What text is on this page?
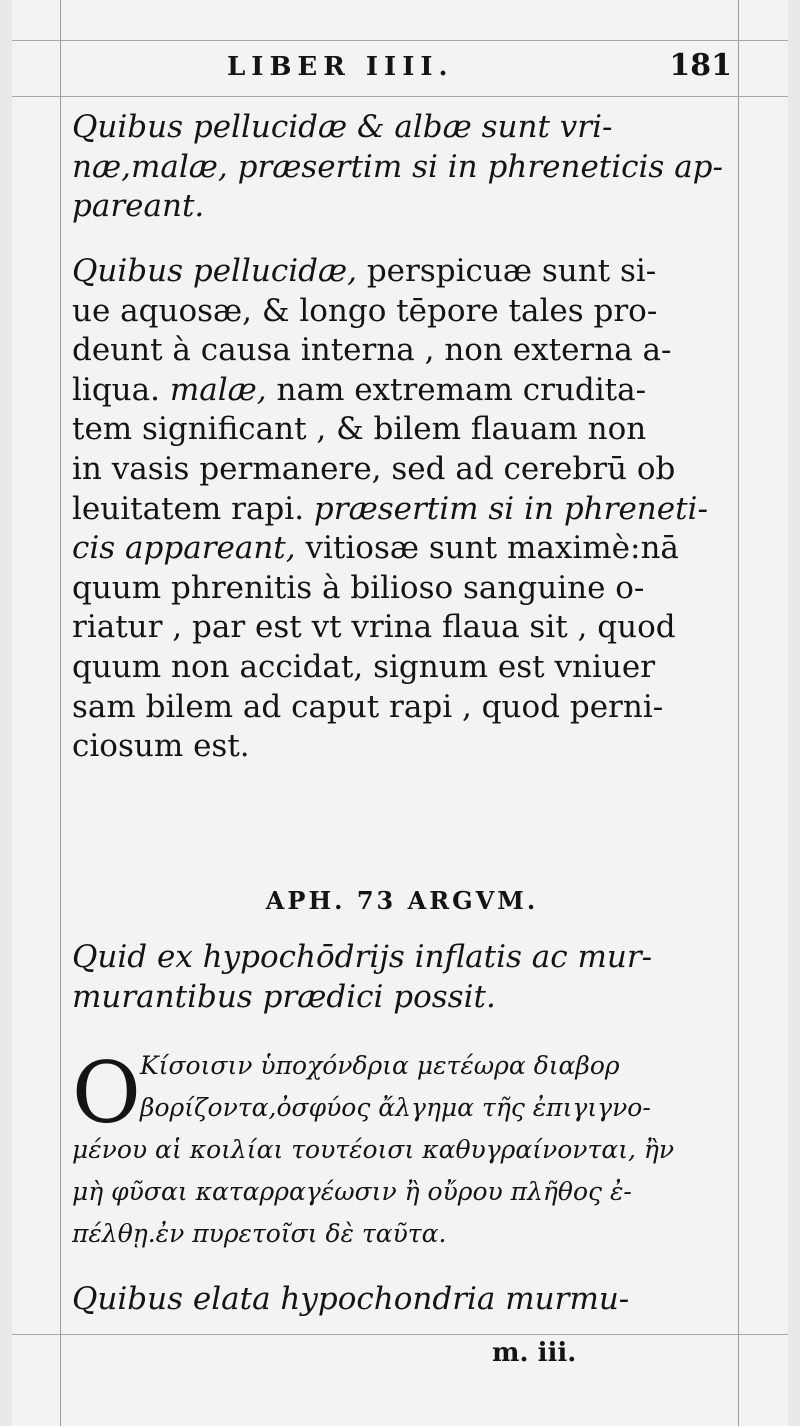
LIBER IIII.	181
Quibus pellucidæ & albæ sunt vri-
næ,malæ, præsertim si in phreneticis ap-
pareant.
Quibus pellucidæ, perspicuæ sunt si-
ue aquosæ, & longo tēpore tales pro-
deunt à causa interna , non externa a-
liqua. malæ, nam extremam crudita-
tem significant , & bilem flauam non
in vasis permanere, sed ad cerebrū ob
leuitatem rapi. præsertim si in phreneti-
cis appareant, vitiosæ sunt maximè:nā
quum phrenitis à bilioso sanguine o-
riatur , par est vt vrina flaua sit , quod
quum non accidat, signum est vniuer
sam bilem ad caput rapi , quod perni-
ciosum est.
APH. 73 ARGVM.
Quid ex hypochōdrijs inflatis ac mur-
murantibus prædici possit.
O Κίσοισιν ὑποχόνδρια μετέωρα διαβορ
βορίζοντα,ὀσφύος ἄλγημα τῆς ἐπιγιγνο-
μένου αἱ κοιλίαι τουτέοισι καθυγραίνονται, ἢν
μὴ φῦσαι καταρραγέωσιν ἢ οὔρου πλῆθος ἐ-
πέλθῃ.ἐν πυρετοῖσι δὲ ταῦτα.
Quibus elata hypochondria murmu-
m. iii.
